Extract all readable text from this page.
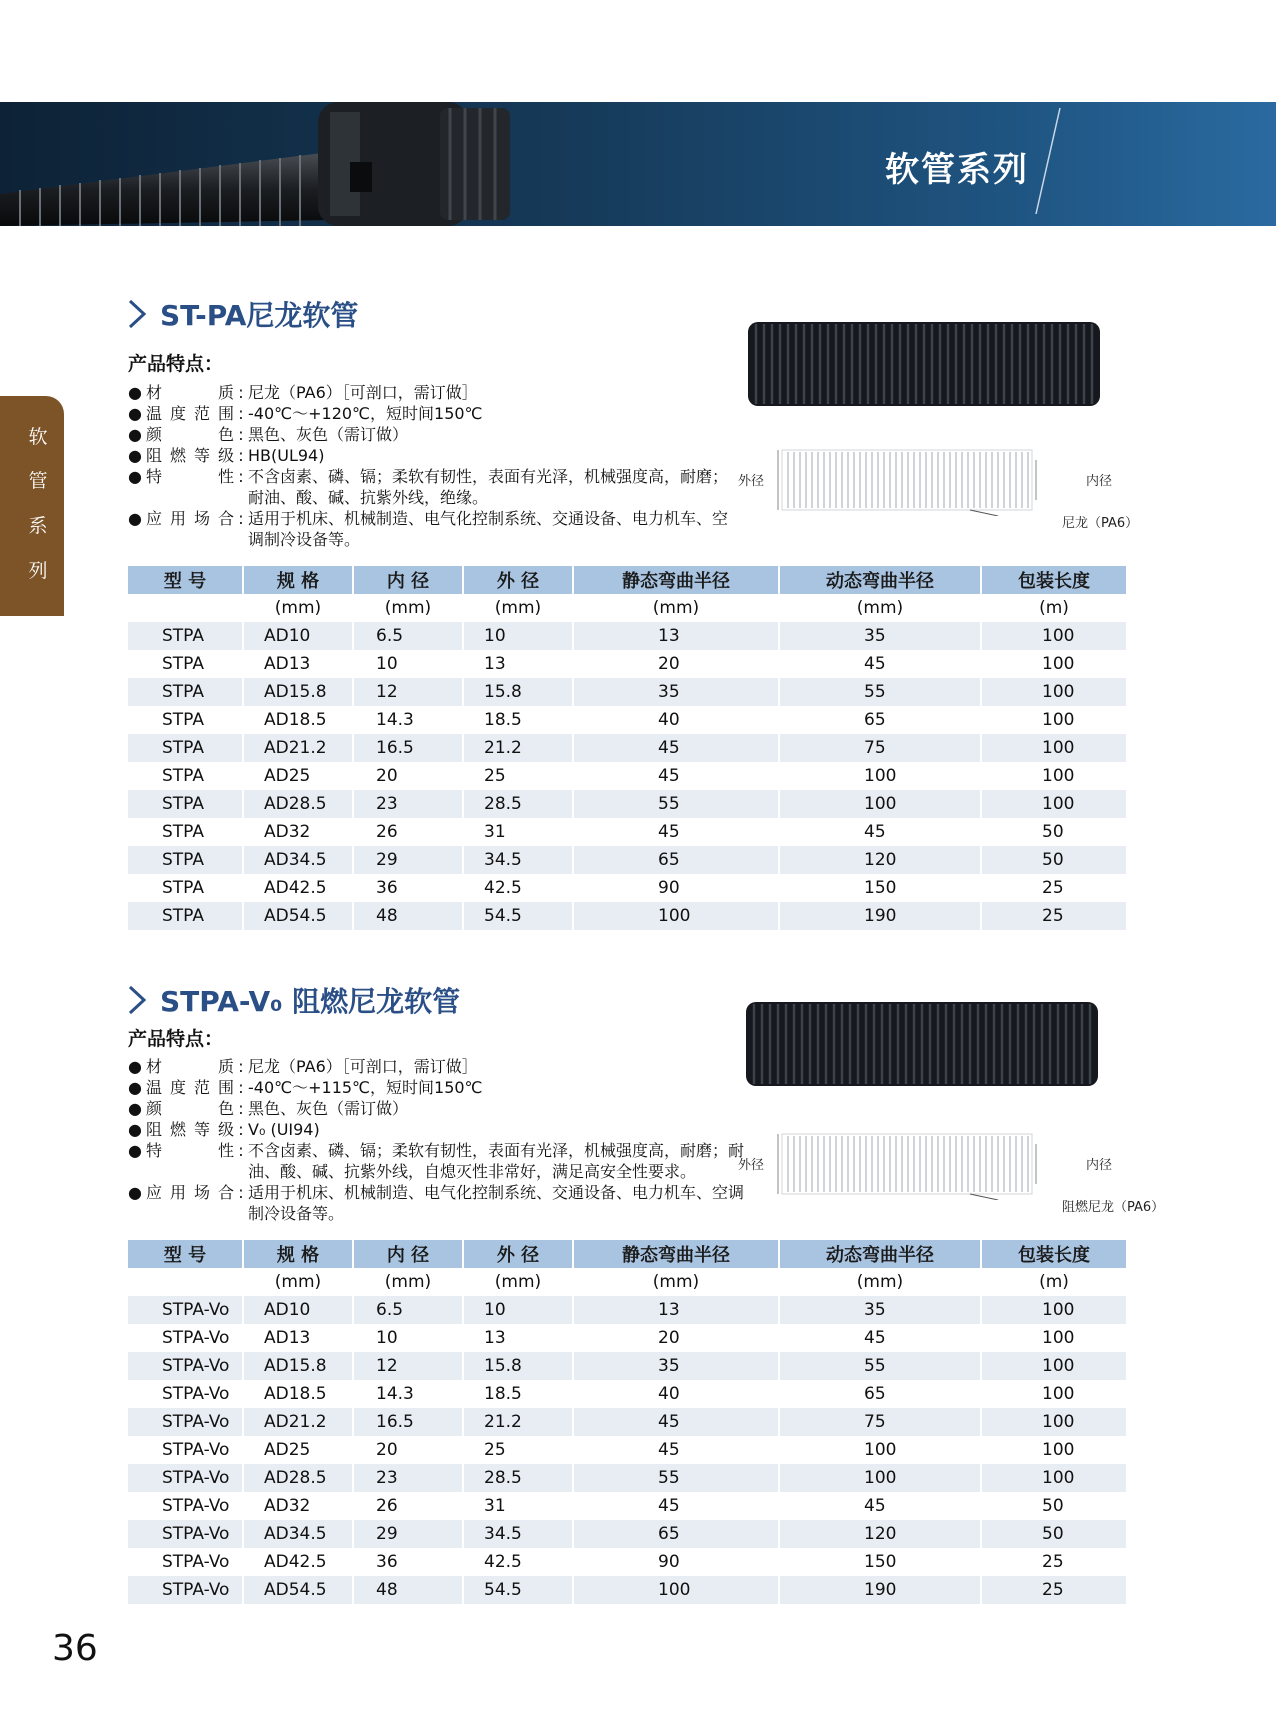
软管系列
软
管
系
列
ST-PA尼龙软管
产品特点：
● 材质 : 尼龙（PA6）［可剖口，需订做］
● 温度范围 : -40℃～+120℃，短时间150℃
● 颜色 : 黑色、灰色（需订做）
● 阻燃等级 : HB(UL94)
● 特性 : 不含卤素、磷、镉；柔软有韧性，表面有光泽，机械强度高，耐磨；耐油、酸、碱、抗紫外线，绝缘。
● 应用场合 : 适用于机床、机械制造、电气化控制系统、交通设备、电力机车、空调制冷设备等。
外径	内径
尼龙（PA6）
型 号	规 格	内 径	外 径	静态弯曲半径	动态弯曲半径	包装长度
	(mm)	(mm)	(mm)	(mm)	(mm)	(m)
STPA	AD10	6.5	10	13	35	100
STPA	AD13	10	13	20	45	100
STPA	AD15.8	12	15.8	35	55	100
STPA	AD18.5	14.3	18.5	40	65	100
STPA	AD21.2	16.5	21.2	45	75	100
STPA	AD25	20	25	45	100	100
STPA	AD28.5	23	28.5	55	100	100
STPA	AD32	26	31	45	45	50
STPA	AD34.5	29	34.5	65	120	50
STPA	AD42.5	36	42.5	90	150	25
STPA	AD54.5	48	54.5	100	190	25
STPA-V₀ 阻燃尼龙软管
产品特点：
● 材质 : 尼龙（PA6）［可剖口，需订做］
● 温度范围 : -40℃～+115℃，短时间150℃
● 颜色 : 黑色、灰色（需订做）
● 阻燃等级 : V₀ (UI94)
● 特性 : 不含卤素、磷、镉；柔软有韧性，表面有光泽，机械强度高，耐磨；耐油、酸、碱、抗紫外线，自熄灭性非常好，满足高安全性要求。
● 应用场合 : 适用于机床、机械制造、电气化控制系统、交通设备、电力机车、空调制冷设备等。
外径	内径
阻燃尼龙（PA6）
型 号	规 格	内 径	外 径	静态弯曲半径	动态弯曲半径	包装长度
	(mm)	(mm)	(mm)	(mm)	(mm)	(m)
STPA-Vo	AD10	6.5	10	13	35	100
STPA-Vo	AD13	10	13	20	45	100
STPA-Vo	AD15.8	12	15.8	35	55	100
STPA-Vo	AD18.5	14.3	18.5	40	65	100
STPA-Vo	AD21.2	16.5	21.2	45	75	100
STPA-Vo	AD25	20	25	45	100	100
STPA-Vo	AD28.5	23	28.5	55	100	100
STPA-Vo	AD32	26	31	45	45	50
STPA-Vo	AD34.5	29	34.5	65	120	50
STPA-Vo	AD42.5	36	42.5	90	150	25
STPA-Vo	AD54.5	48	54.5	100	190	25
36
